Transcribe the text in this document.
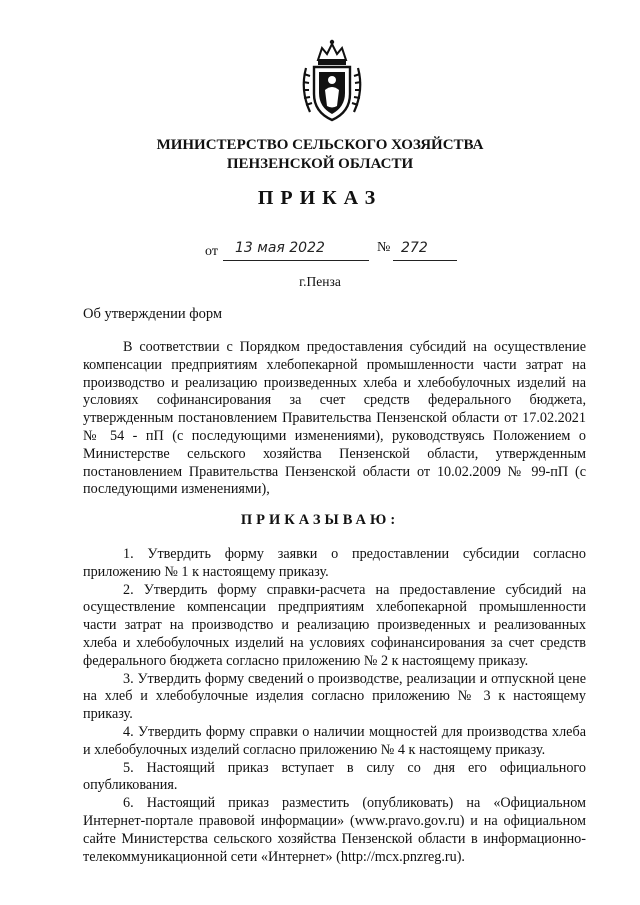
МИНИСТЕРСТВО СЕЛЬСКОГО ХОЗЯЙСТВА
ПЕНЗЕНСКОЙ ОБЛАСТИ
ПРИКАЗ
от 13 мая 2022	№ 272
г.Пенза
Об утверждении форм
В соответствии с Порядком предоставления субсидий на осуществление компенсации предприятиям хлебопекарной промышленности части затрат на производство и реализацию произведенных хлеба и хлебобулочных изделий на условиях софинансирования за счет средств федерального бюджета, утвержденным постановлением Правительства Пензенской области от 17.02.2021 № 54 - пП (с последующими изменениями), руководствуясь Положением о Министерстве сельского хозяйства Пензенской области, утвержденным постановлением Правительства Пензенской области от 10.02.2009 № 99-пП (с последующими изменениями),
ПРИКАЗЫВАЮ:

1. Утвердить форму заявки о предоставлении субсидии согласно приложению № 1 к настоящему приказу.

2. Утвердить форму справки-расчета на предоставление субсидий на осуществление компенсации предприятиям хлебопекарной промышленности части затрат на производство и реализацию произведенных и реализованных хлеба и хлебобулочных изделий на условиях софинансирования за счет средств федерального бюджета согласно приложению № 2 к настоящему приказу.

3. Утвердить форму сведений о производстве, реализации и отпускной цене на хлеб и хлебобулочные изделия согласно приложению № 3 к настоящему приказу.

4. Утвердить форму справки о наличии мощностей для производства хлеба и хлебобулочных изделий согласно приложению № 4 к настоящему приказу.

5. Настоящий приказ вступает в силу со дня его официального опубликования.

6. Настоящий приказ разместить (опубликовать) на «Официальном Интернет-портале правовой информации» (www.pravo.gov.ru) и на официальном сайте Министерства сельского хозяйства Пензенской области в информационно-телекоммуникационной сети «Интернет» (http://mcx.pnzreg.ru).
